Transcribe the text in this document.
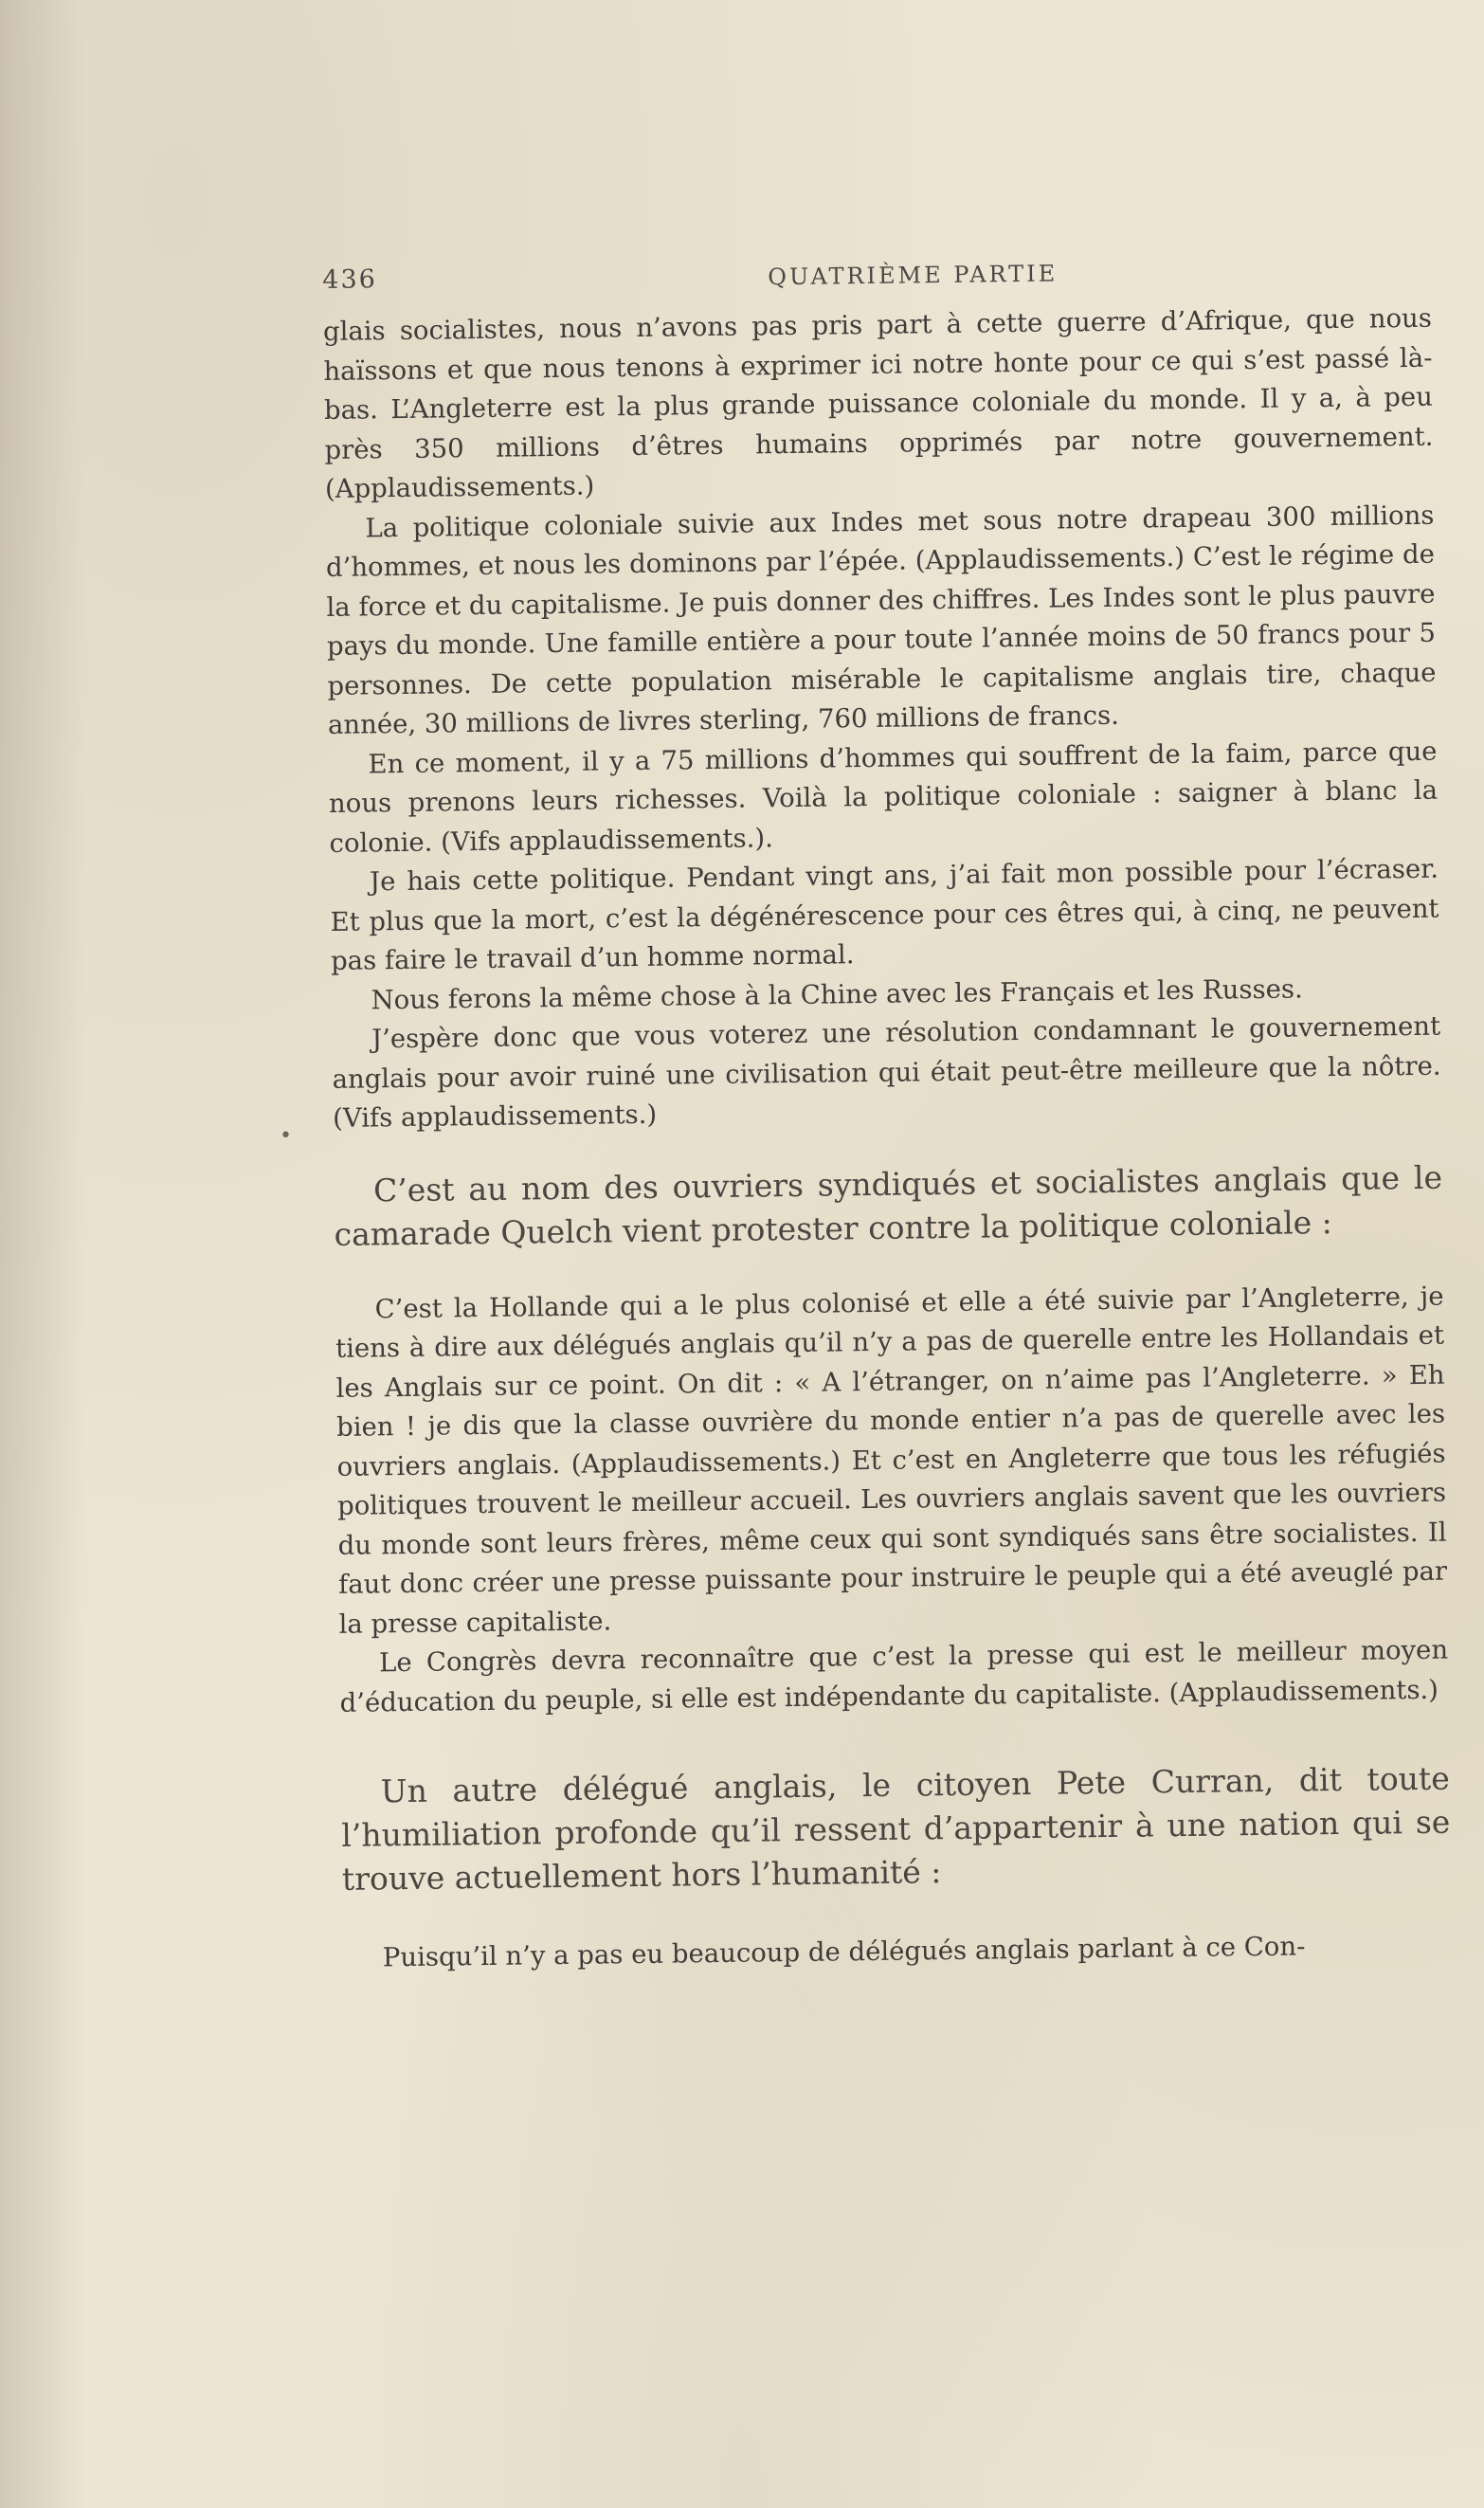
•
436	QUATRIÈME PARTIE

glais socialistes, nous n’avons pas pris part à cette guerre d’Afrique, que nous haïssons et que nous tenons à exprimer ici notre honte pour ce qui s’est passé là-bas. L’Angleterre est la plus grande puissance coloniale du monde. Il y a, à peu près 350 millions d’êtres humains opprimés par notre gouvernement. (Applaudissements.)

La politique coloniale suivie aux Indes met sous notre drapeau 300 millions d’hommes, et nous les dominons par l’épée. (Applaudissements.) C’est le régime de la force et du capitalisme. Je puis donner des chiffres. Les Indes sont le plus pauvre pays du monde. Une famille entière a pour toute l’année moins de 50 francs pour 5 personnes. De cette population misérable le capitalisme anglais tire, chaque année, 30 millions de livres sterling, 760 millions de francs.

En ce moment, il y a 75 millions d’hommes qui souffrent de la faim, parce que nous prenons leurs richesses. Voilà la politique coloniale : saigner à blanc la colonie. (Vifs applaudissements.).

Je hais cette politique. Pendant vingt ans, j’ai fait mon possible pour l’écraser. Et plus que la mort, c’est la dégénérescence pour ces êtres qui, à cinq, ne peuvent pas faire le travail d’un homme normal.

Nous ferons la même chose à la Chine avec les Français et les Russes.

J’espère donc que vous voterez une résolution condamnant le gouvernement anglais pour avoir ruiné une civilisation qui était peut-être meilleure que la nôtre. (Vifs applaudissements.)

C’est au nom des ouvriers syndiqués et socialistes anglais que le camarade Quelch vient protester contre la politique coloniale :

C’est la Hollande qui a le plus colonisé et elle a été suivie par l’Angleterre, je tiens à dire aux délégués anglais qu’il n’y a pas de querelle entre les Hollandais et les Anglais sur ce point. On dit : « A l’étranger, on n’aime pas l’Angleterre. » Eh bien ! je dis que la classe ouvrière du monde entier n’a pas de querelle avec les ouvriers anglais. (Applaudissements.) Et c’est en Angleterre que tous les réfugiés politiques trouvent le meilleur accueil. Les ouvriers anglais savent que les ouvriers du monde sont leurs frères, même ceux qui sont syndiqués sans être socialistes. Il faut donc créer une presse puissante pour instruire le peuple qui a été aveuglé par la presse capitaliste.

Le Congrès devra reconnaître que c’est la presse qui est le meilleur moyen d’éducation du peuple, si elle est indépendante du capitaliste. (Applaudissements.)

Un autre délégué anglais, le citoyen Pete Curran, dit toute l’humiliation profonde qu’il ressent d’appartenir à une nation qui se trouve actuellement hors l’humanité :

Puisqu’il n’y a pas eu beaucoup de délégués anglais parlant à ce Con-
